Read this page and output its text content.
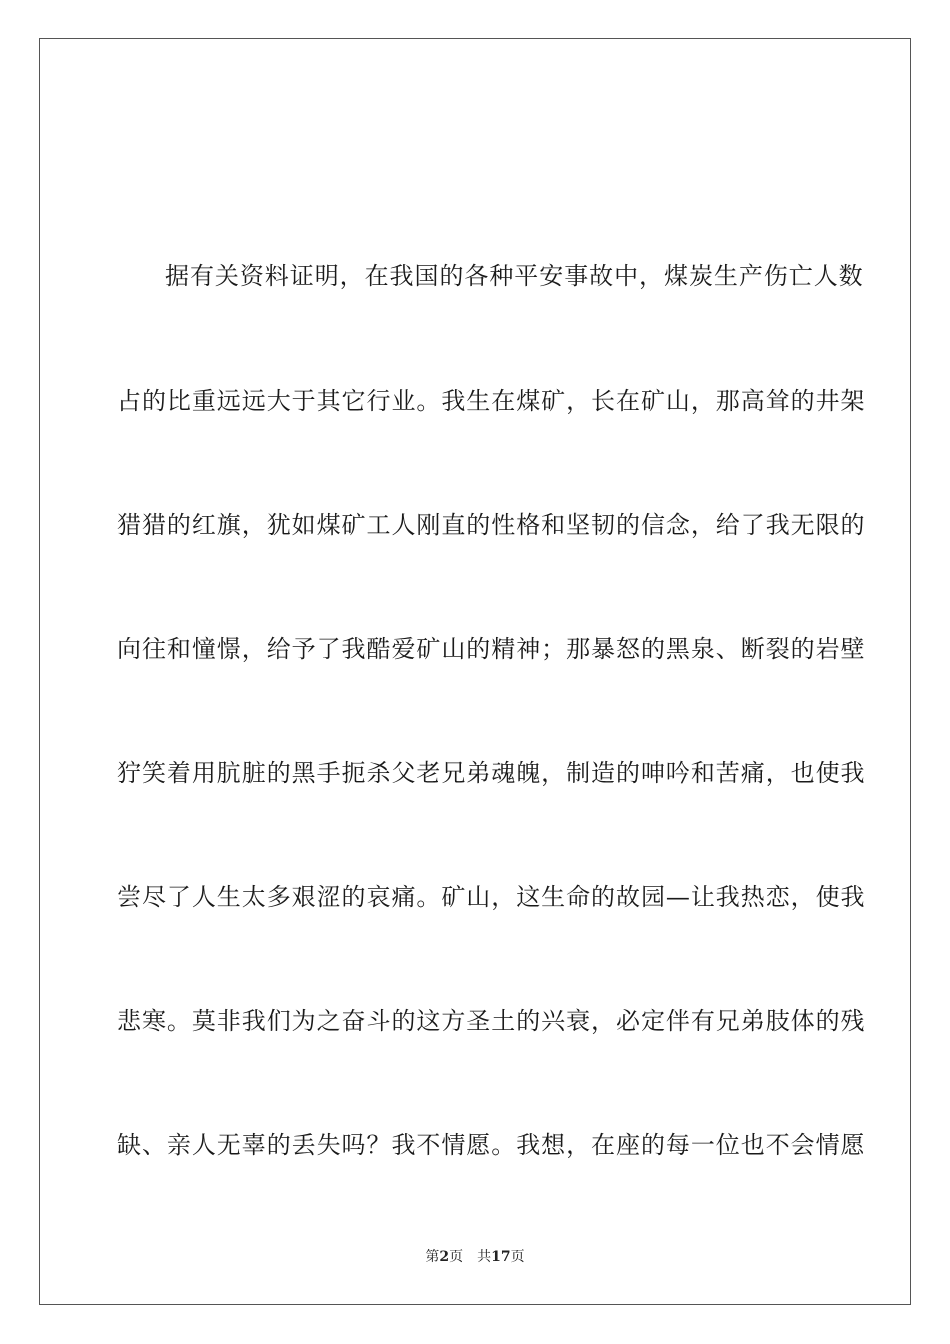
据有关资料证明，在我国的各种平安事故中，煤炭生产伤亡人数
占的比重远远大于其它行业。我生在煤矿，长在矿山，那高耸的井架
猎猎的红旗，犹如煤矿工人刚直的性格和坚韧的信念，给了我无限的
向往和憧憬，给予了我酷爱矿山的精神；那暴怒的黑泉、断裂的岩壁
狞笑着用肮脏的黑手扼杀父老兄弟魂魄，制造的呻吟和苦痛，也使我
尝尽了人生太多艰涩的哀痛。矿山，这生命的故园—让我热恋，使我
悲寒。莫非我们为之奋斗的这方圣土的兴衰，必定伴有兄弟肢体的残
缺、亲人无辜的丢失吗？我不情愿。我想，在座的每一位也不会情愿
第2页 共17页
